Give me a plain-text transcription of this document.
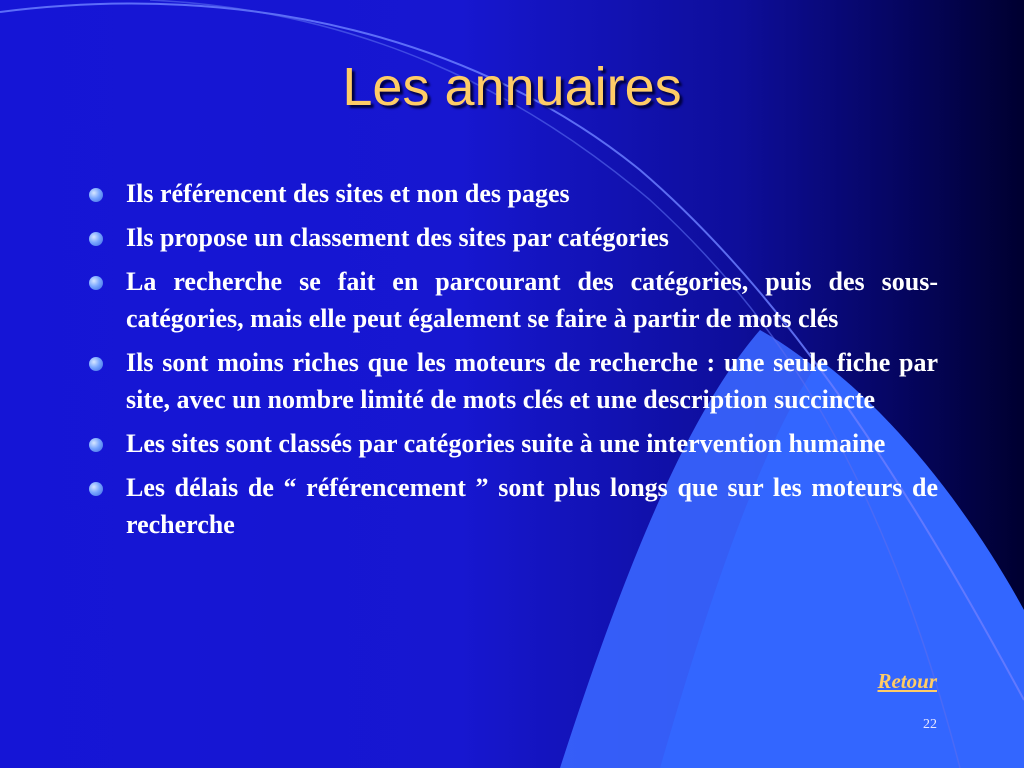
Les annuaires
Ils référencent des sites et non des pages
Ils propose un classement des sites par catégories
La recherche se fait en parcourant des catégories, puis des sous-catégories, mais elle peut également se faire à partir de mots clés
Ils sont moins riches que les moteurs de recherche : une seule fiche par site, avec un nombre limité de mots clés et une description succincte
Les sites sont classés par catégories suite à une intervention humaine
Les délais de “ référencement ” sont plus longs que sur les moteurs de recherche
Retour
22
